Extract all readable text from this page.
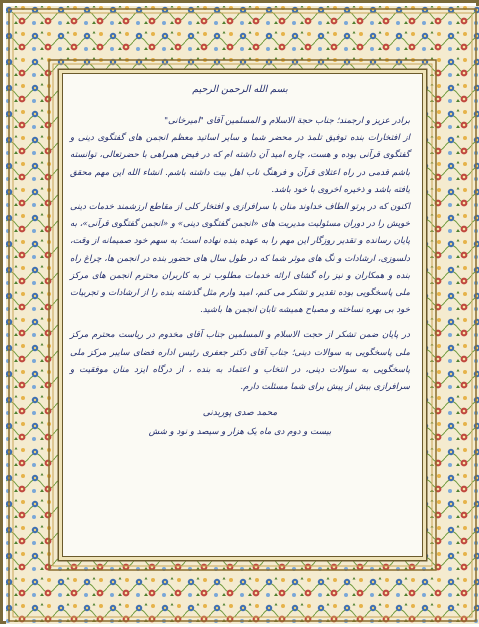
بسم الله الرحمن الرحیم

برادر عزیز و ارجمند؛ جناب حجة الاسلام و المسلمین آقای "امیرخانی"

از افتخارات بنده توفیق تلمذ در محضر شما و سایر اساتید معظم انجمن های گفتگوی دینی و گفتگوی قرآنی بوده و هست، چاره امید آن داشته ام که در فیض همراهی با حضرتعالی، توانسته باشم قدمی در راه اعتلای قرآن و فرهنگ ناب اهل بیت داشته باشم. انشاء الله این مهم محقق یافته باشد و ذخیره اخروی با خود باشد.

اکنون که در پرتو الطاف خداوند منان با سرافرازی و افتخار کلی از مقاطع ارزشمند خدمات دینی خویش را در دوران مسئولیت مدیریت های «انجمن گفتگوی دینی» و «انجمن گفتگوی قرآنی»، به پایان رسانده و تقدیر روزگار این مهم را به عهده بنده نهاده است؛ به سهم خود صمیمانه از وقت، دلسوزی، ارشادات و نگ های موثر شما که در طول سال های حضور بنده در انجمن ها، چراغ راه بنده و همکاران و نیز راه گشای ارائه خدمات مطلوب تر به کاربران محترم انجمن های مرکز ملی پاسخگویی بوده تقدیر و تشکر می کنم، امید وارم مثل گذشته بنده را از ارشادات و تجربیات خود بی بهره نساخته و مصباح همیشه تابان انجمن ها باشید.

در پایان ضمن تشکر از حجت الاسلام و المسلمین جناب آقای مخدوم در ریاست محترم مرکز ملی پاسخگویی به سوالات دینی؛ جناب آقای دکتر جعفری رئیس اداره فضای سایبر مرکز ملی پاسخگویی به سوالات دینی، در انتخاب و اعتماد به بنده ، از درگاه ایزد منان موفقیت و سرافرازی بیش از پیش برای شما مسئلت دارم.

محمد صدی پوربدنی

بیست و دوم دی ماه یک هزار و سیصد و نود و شش
